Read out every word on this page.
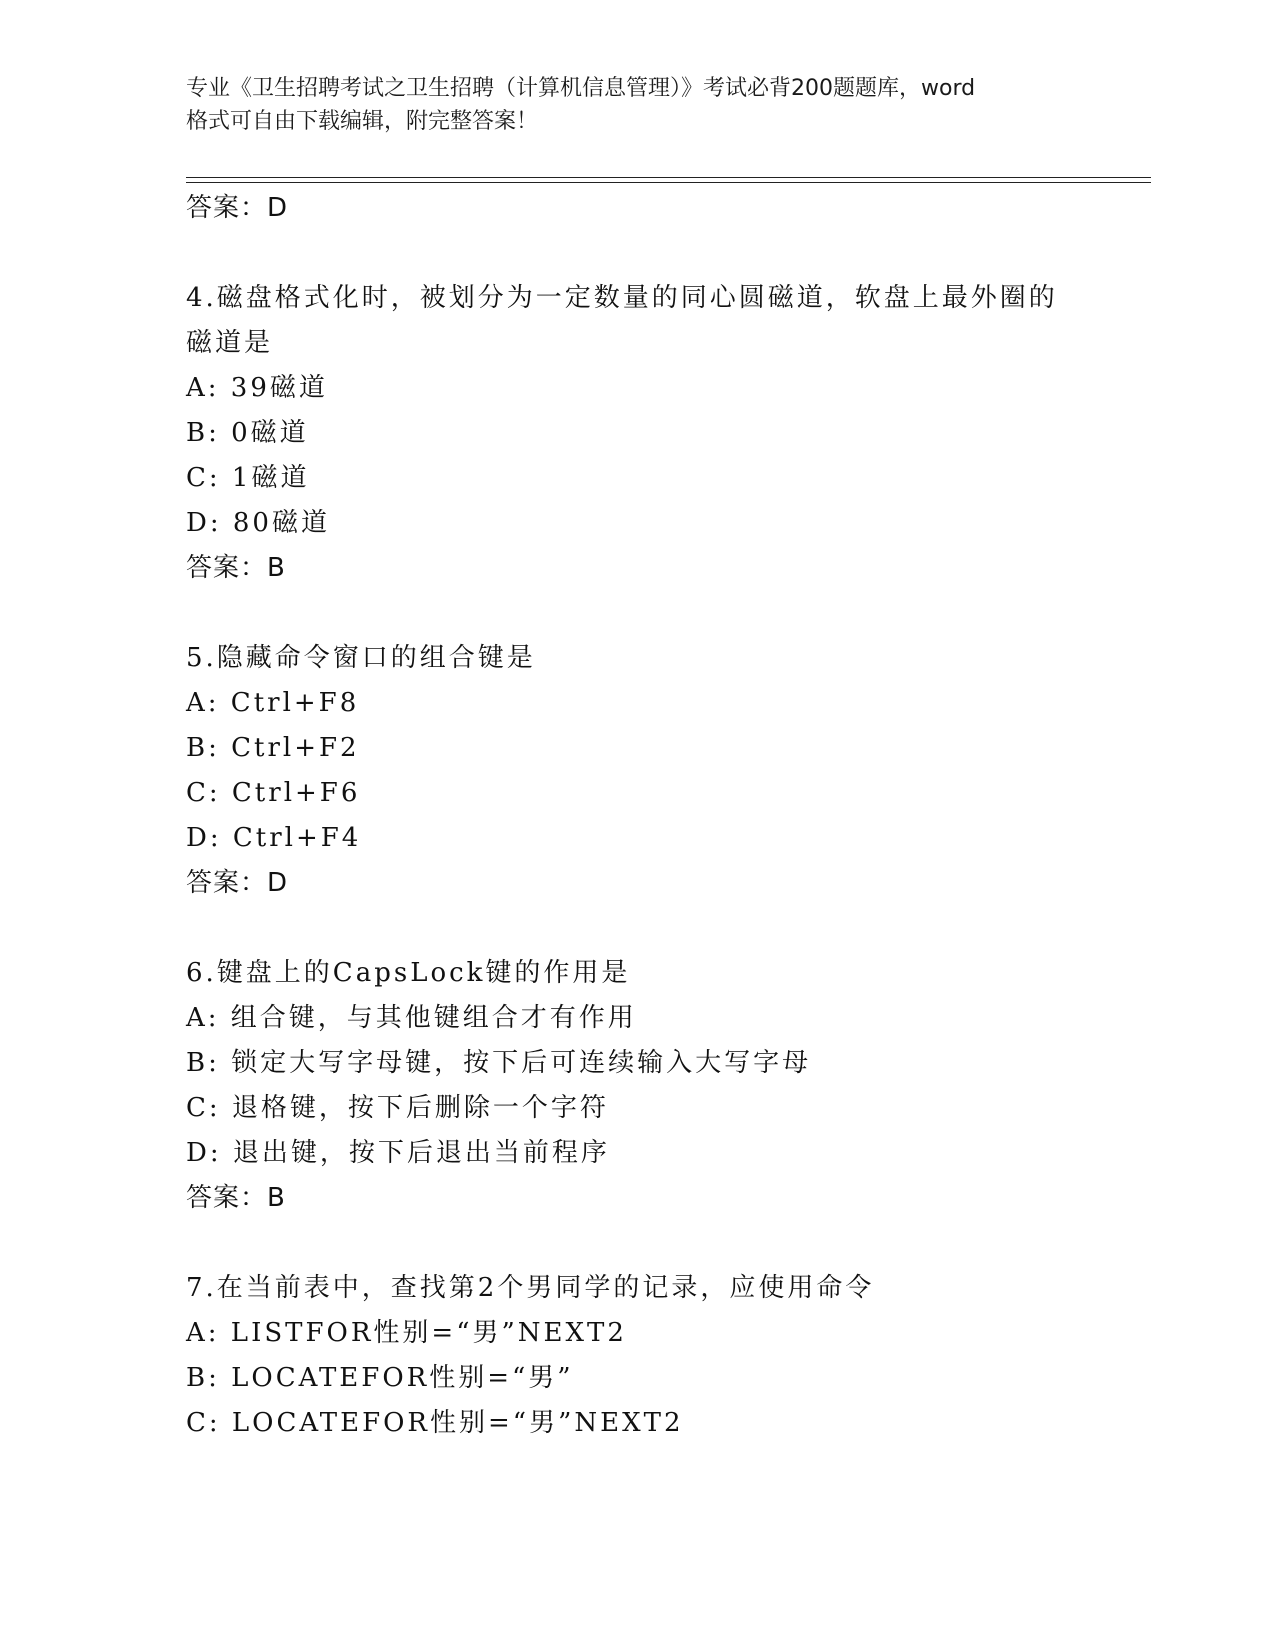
专业《卫生招聘考试之卫生招聘（计算机信息管理）》考试必背200题题库，word
格式可自由下载编辑，附完整答案！
答案：D
4.磁盘格式化时，被划分为一定数量的同心圆磁道，软盘上最外圈的
磁道是
A: 39磁道
B: 0磁道
C: 1磁道
D: 80磁道
答案：B
5.隐藏命令窗口的组合键是
A: Ctrl+F8
B: Ctrl+F2
C: Ctrl+F6
D: Ctrl+F4
答案：D
6.键盘上的CapsLock键的作用是
A: 组合键，与其他键组合才有作用
B: 锁定大写字母键，按下后可连续输入大写字母
C: 退格键，按下后删除一个字符
D: 退出键，按下后退出当前程序
答案：B
7.在当前表中，查找第2个男同学的记录，应使用命令
A: LISTFOR性别=“男”NEXT2
B: LOCATEFOR性别=“男”
C: LOCATEFOR性别=“男”NEXT2
